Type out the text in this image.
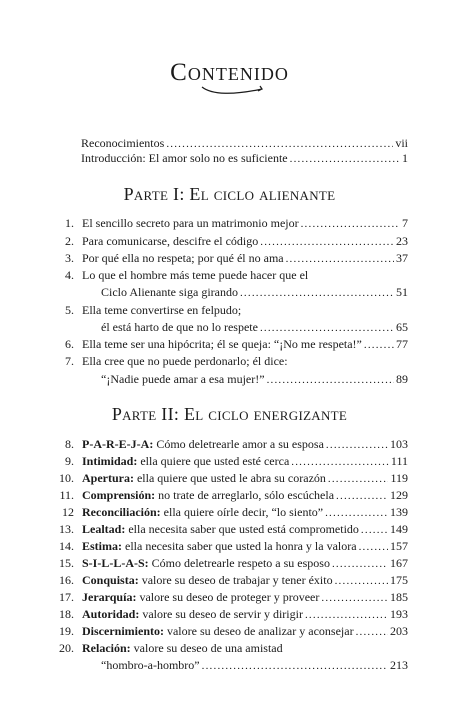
Contenido
Reconocimientos .....	vii
Introducción: El amor solo no es suficiente .....	1
Parte I: El ciclo alienante
1. El sencillo secreto para un matrimonio mejor .....	7
2. Para comunicarse, descifre el código .....	23
3. Por qué ella no respeta; por qué él no ama .....	37
4. Lo que el hombre más teme puede hacer que el
Ciclo Alienante siga girando .....	51
5. Ella teme convertirse en felpudo;
él está harto de que no lo respete .....	65
6. Ella teme ser una hipócrita; él se queja: “¡No me respeta!” .....	77
7. Ella cree que no puede perdonarlo; él dice:
“¡Nadie puede amar a esa mujer!” .....	89
Parte II: El ciclo energizante
8. P-A-R-E-J-A: Cómo deletrearle amor a su esposa .....	103
9. Intimidad: ella quiere que usted esté cerca .....	111
10. Apertura: ella quiere que usted le abra su corazón .....	119
11. Comprensión: no trate de arreglarlo, sólo escúchela .....	129
12 Reconciliación: ella quiere oírle decir, “lo siento” .....	139
13. Lealtad: ella necesita saber que usted está comprometido .....	149
14. Estima: ella necesita saber que usted la honra y la valora .....	157
15. S-I-L-L-A-S: Cómo deletrearle respeto a su esposo .....	167
16. Conquista: valore su deseo de trabajar y tener éxito .....	175
17. Jerarquía: valore su deseo de proteger y proveer .....	185
18. Autoridad: valore su deseo de servir y dirigir .....	193
19. Discernimiento: valore su deseo de analizar y aconsejar .....	203
20. Relación: valore su deseo de una amistad
“hombro-a-hombro” .....	213
